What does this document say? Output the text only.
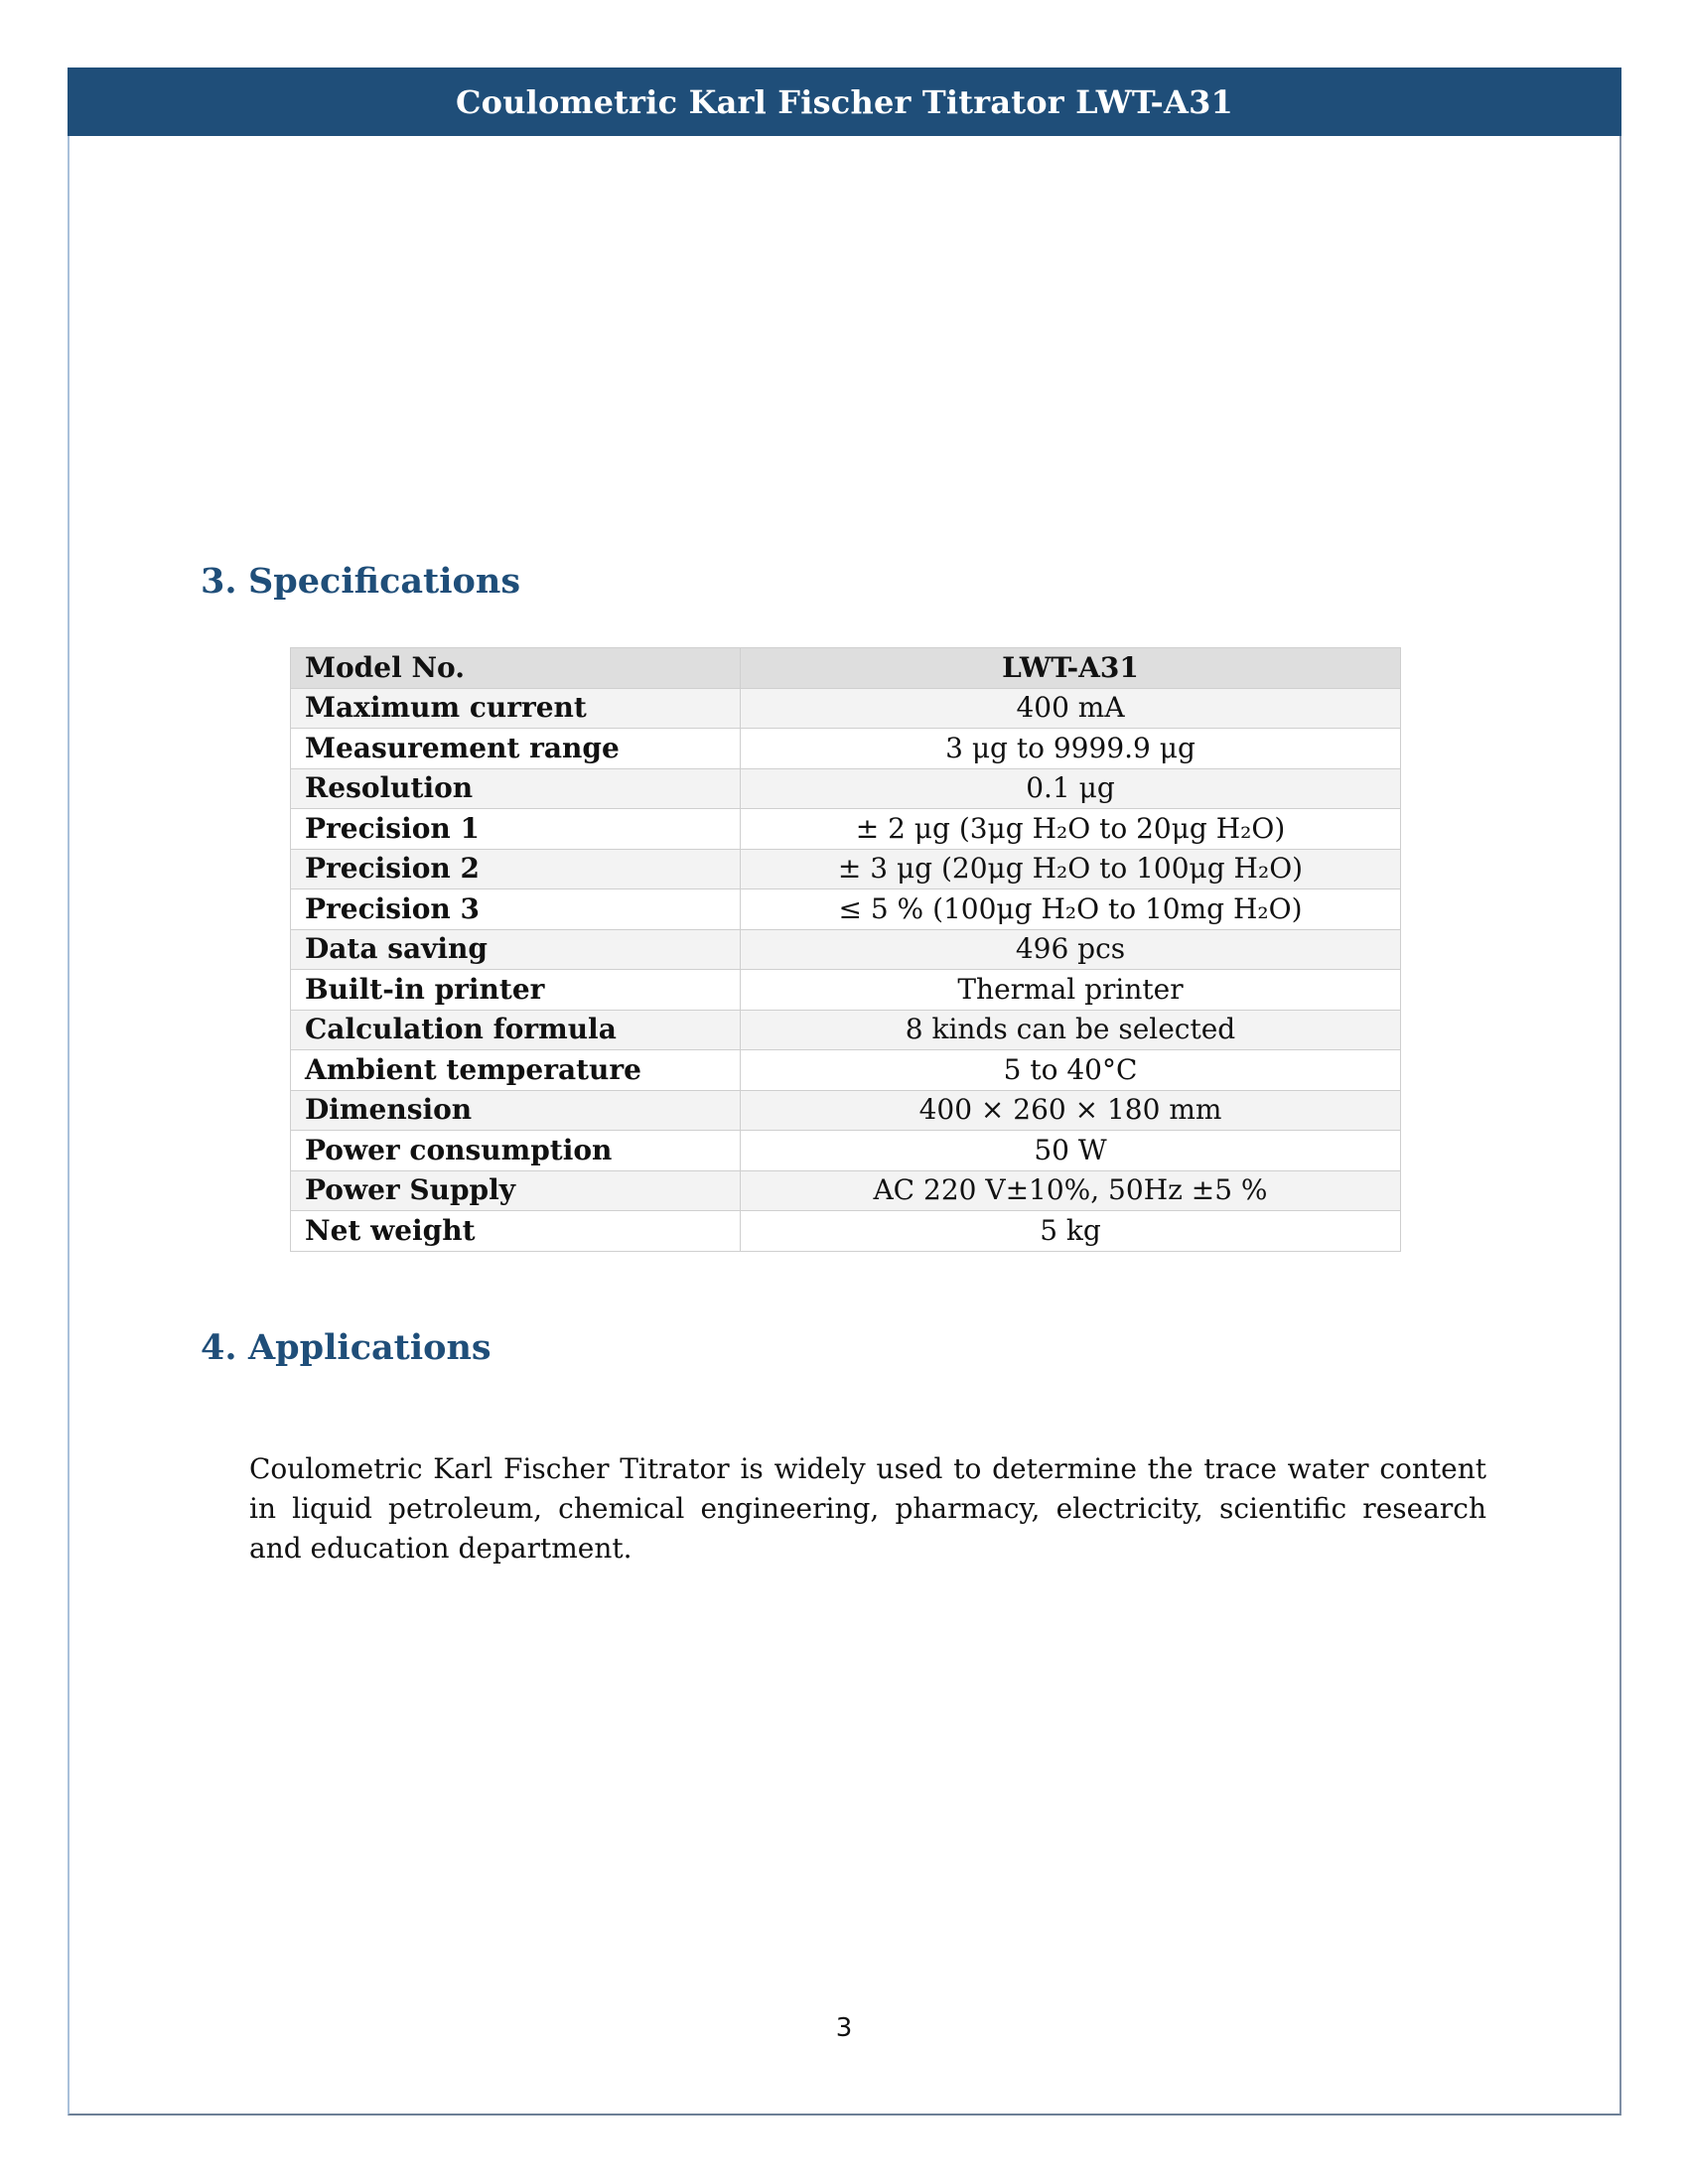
Coulometric Karl Fischer Titrator LWT-A31
3. Specifications
Model No.	LWT-A31
Maximum current	400 mA
Measurement range	3 μg to 9999.9 μg
Resolution	0.1 μg
Precision 1	± 2 μg (3μg H₂O to 20μg H₂O)
Precision 2	± 3 μg (20μg H₂O to 100μg H₂O)
Precision 3	≤ 5 % (100μg H₂O to 10mg H₂O)
Data saving	496 pcs
Built-in printer	Thermal printer
Calculation formula	8 kinds can be selected
Ambient temperature	5 to 40°C
Dimension	400 × 260 × 180 mm
Power consumption	50 W
Power Supply	AC 220 V±10%, 50Hz ±5 %
Net weight	5 kg
4. Applications

Coulometric Karl Fischer Titrator is widely used to determine the trace water content in liquid petroleum, chemical engineering, pharmacy, electricity, scientific research and education department.

3
